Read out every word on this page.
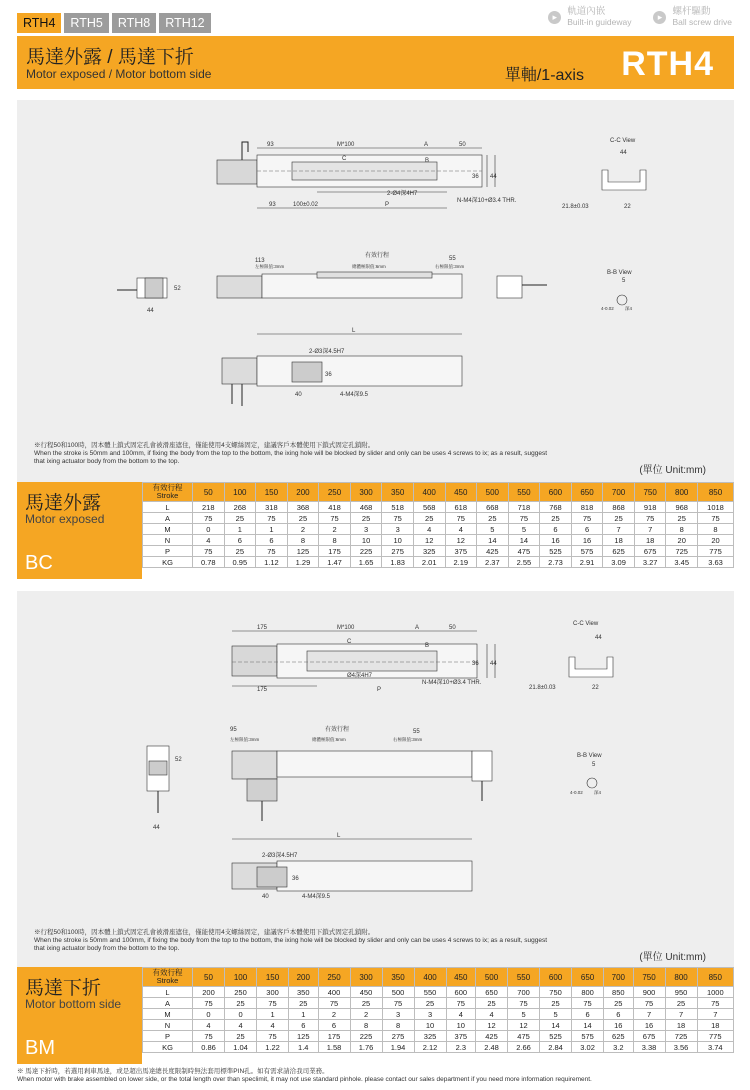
RTH4	RTH5	RTH8	RTH12	▸	軌道內嵌
Built-in guideway
▸	螺杆驅動
Ball screw drive
馬達外露 / 馬達下折
Motor exposed / Motor bottom side	單軸/1-axis RTH4
93	M*100	A	50
C	B
36 44
2-Ø4深4H7
N-M4深10+Ø3.4 THR.
93	100±0.02	P
C-C View
44
21.8±0.03	22
113
有效行程
左極限值:3mm	總體極限值:6mm	右極限值:3mm
55
52
44
B-B View
5
4-0.02 深4
L
2-Ø3深4.5H7
36
40	4-M4深9.5
※行程50和100時，因本體上鎖式固定孔會被滑座遮住，僅能使用4支螺絲固定，建議客戶本體使用下鎖式固定孔鎖附。
When the stroke is 50mm and 100mm, if fixing the body from the top to the bottom, the ixing hole will be blocked by slider and only can be uses 4 screws to ix; as a result, suggest that ixing actuator body from the bottom to the top.
(單位 Unit:mm)
馬達外露
Motor exposed
BC
有效行程
Stroke	50	100	150	200	250	300	350	400	450	500	550	600	650	700	750	800	850
L	218	268	318	368	418	468	518	568	618	668	718	768	818	868	918	968	1018
A	75	25	75	25	75	25	75	25	75	25	75	25	75	25	75	25	75
M	0	1	1	2	2	3	3	4	4	5	5	6	6	7	7	8	8
N	4	6	6	8	8	10	10	12	12	14	14	16	16	18	18	20	20
P	75	25	75	125	175	225	275	325	375	425	475	525	575	625	675	725	775
KG	0.78	0.95	1.12	1.29	1.47	1.65	1.83	2.01	2.19	2.37	2.55	2.73	2.91	3.09	3.27	3.45	3.63
175	M*100	A	50
C
B
36 44
Ø4深4H7
N-M4深10+Ø3.4 THR.
175	P
C-C View
44
21.8±0.03	22
95	有效行程
左極限值:3mm	總體極限值:6mm	右極限值:3mm
55
52
44
B-B View
5
4-0.02 深4
L
2-Ø3深4.5H7
36
40	4-M4深9.5
※行程50和100時，因本體上鎖式固定孔會被滑座遮住，僅能使用4支螺絲固定，建議客戶本體使用下鎖式固定孔鎖附。
When the stroke is 50mm and 100mm, if fixing the body from the top to the bottom, the ixing hole will be blocked by slider and only can be uses 4 screws to ix; as a result, suggest that ixing actuator body from the bottom to the top.
(單位 Unit:mm)
馬達下折
Motor bottom side
BM
有效行程
Stroke	50	100	150	200	250	300	350	400	450	500	550	600	650	700	750	800	850
L	200	250	300	350	400	450	500	550	600	650	700	750	800	850	900	950	1000
A	75	25	75	25	75	25	75	25	75	25	75	25	75	25	75	25	75
M	0	0	1	1	2	2	3	3	4	4	5	5	6	6	7	7	7
N	4	4	4	6	6	8	8	10	10	12	12	14	14	16	16	18	18
P	75	25	75	125	175	225	275	325	375	425	475	525	575	625	675	725	775
KG	0.86	1.04	1.22	1.4	1.58	1.76	1.94	2.12	2.3	2.48	2.66	2.84	3.02	3.2	3.38	3.56	3.74
※ 馬達下折時，若選用剎車馬達，或是超出馬達總長度限制時無法套用標準PIN孔。如有需求請洽我司業務。
When motor with brake assembled on lower side, or the total length over than speclimit, it may not use standard pinhole. please contact our sales department if you need more information requirement.
